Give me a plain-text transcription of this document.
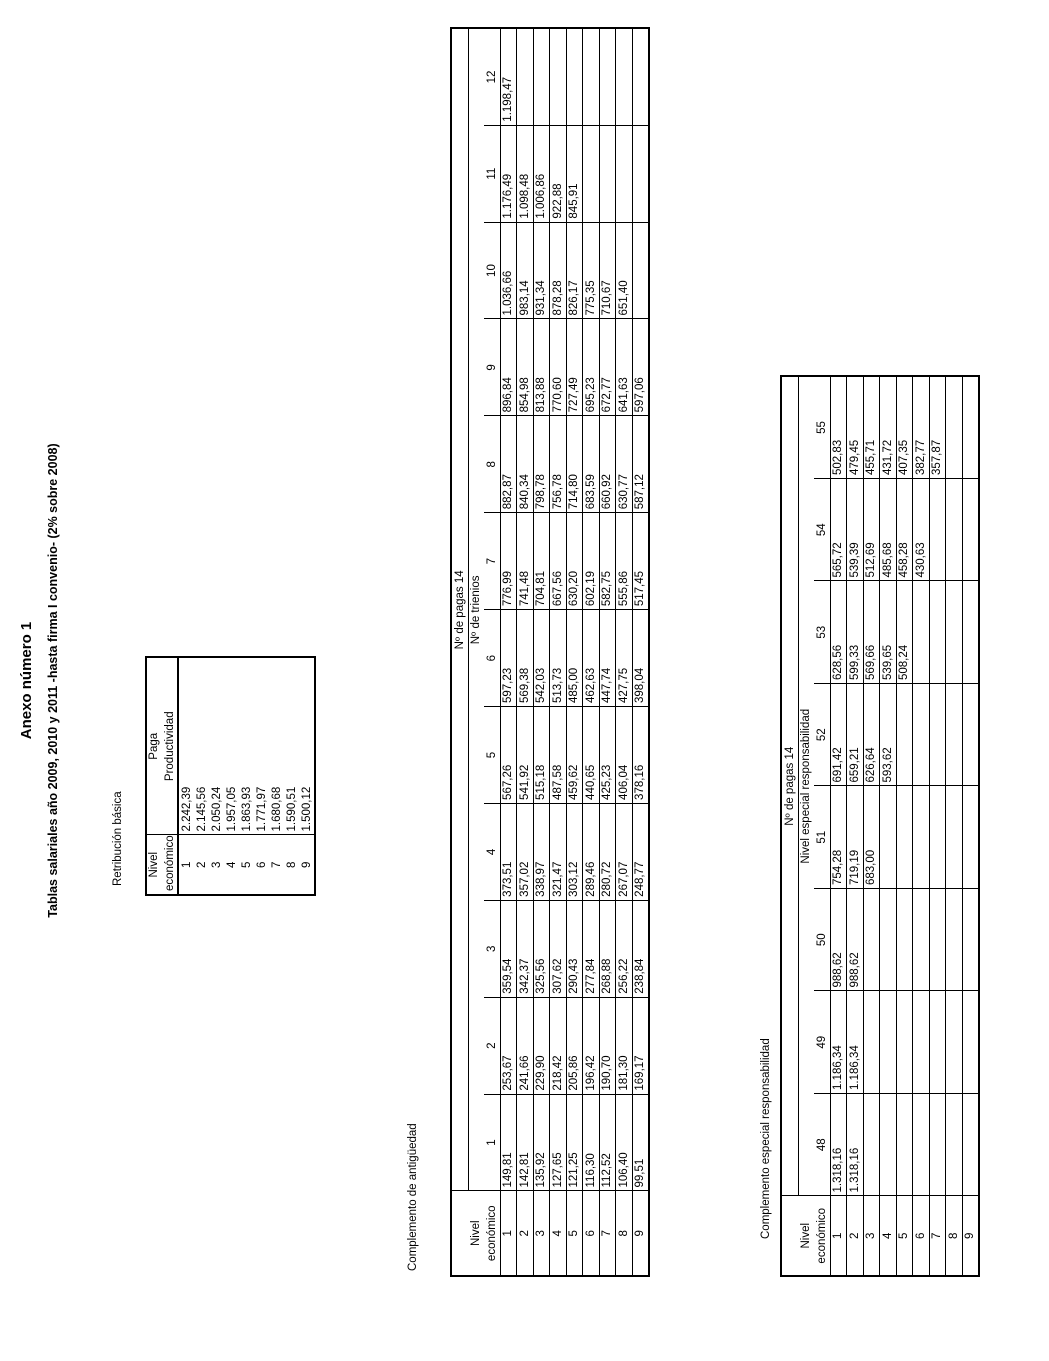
Anexo número 1 Tablas salariales año 2009, 2010 y 2011 -hasta firma I convenio- (2% sobre 2008)	Retribución básica Nivel	Paga
económico	Productividad
1	2.242,39
2	2.145,56
3	2.050,24
4	1.957,05
5	1.863,93
6	1.771,97
7	1.680,68
8	1.590,51
9	1.500,12
Complemento de antigüedad
	Nº de pagas 14											
Nivel	Nº de trienios											
económico	1	2	3	4	5	6	7	8	9	10	11	12
1	149,81	253,67	359,54	373,51	567,26	597,23	776,99	882,87	896,84	1.036,66	1.176,49	1.198,47
2	142,81	241,66	342,37	357,02	541,92	569,38	741,48	840,34	854,98	983,14	1.098,48	
3	135,92	229,90	325,56	338,97	515,18	542,03	704,81	798,78	813,88	931,34	1.006,86	
4	127,65	218,42	307,62	321,47	487,58	513,73	667,56	756,78	770,60	878,28	922,88	
5	121,25	205,86	290,43	303,12	459,62	485,00	630,20	714,80	727,49	826,17	845,91	
6	116,30	196,42	277,84	289,46	440,65	462,63	602,19	683,59	695,23	775,35		
7	112,52	190,70	268,88	280,72	425,23	447,74	582,75	660,92	672,77	710,67		
8	106,40	181,30	256,22	267,07	406,04	427,75	555,86	630,77	641,63	651,40		
9	99,51	169,17	238,84	248,77	378,16	398,04	517,45	587,12	597,06			
Complemento especial responsabilidad
	Nº de pagas 14							
Nivel	Nivel especial responsabilidad							
económico	48	49	50	51	52	53	54	55
1	1.318,16	1.186,34	988,62	754,28	691,42	628,56	565,72	502,83
2	1.318,16	1.186,34	988,62	719,19	659,21	599,33	539,39	479,45
3				683,00	626,64	569,66	512,69	455,71
4					593,62	539,65	485,68	431,72
5						508,24	458,28	407,35
6							430,63	382,77
7								357,87
8								
9								
